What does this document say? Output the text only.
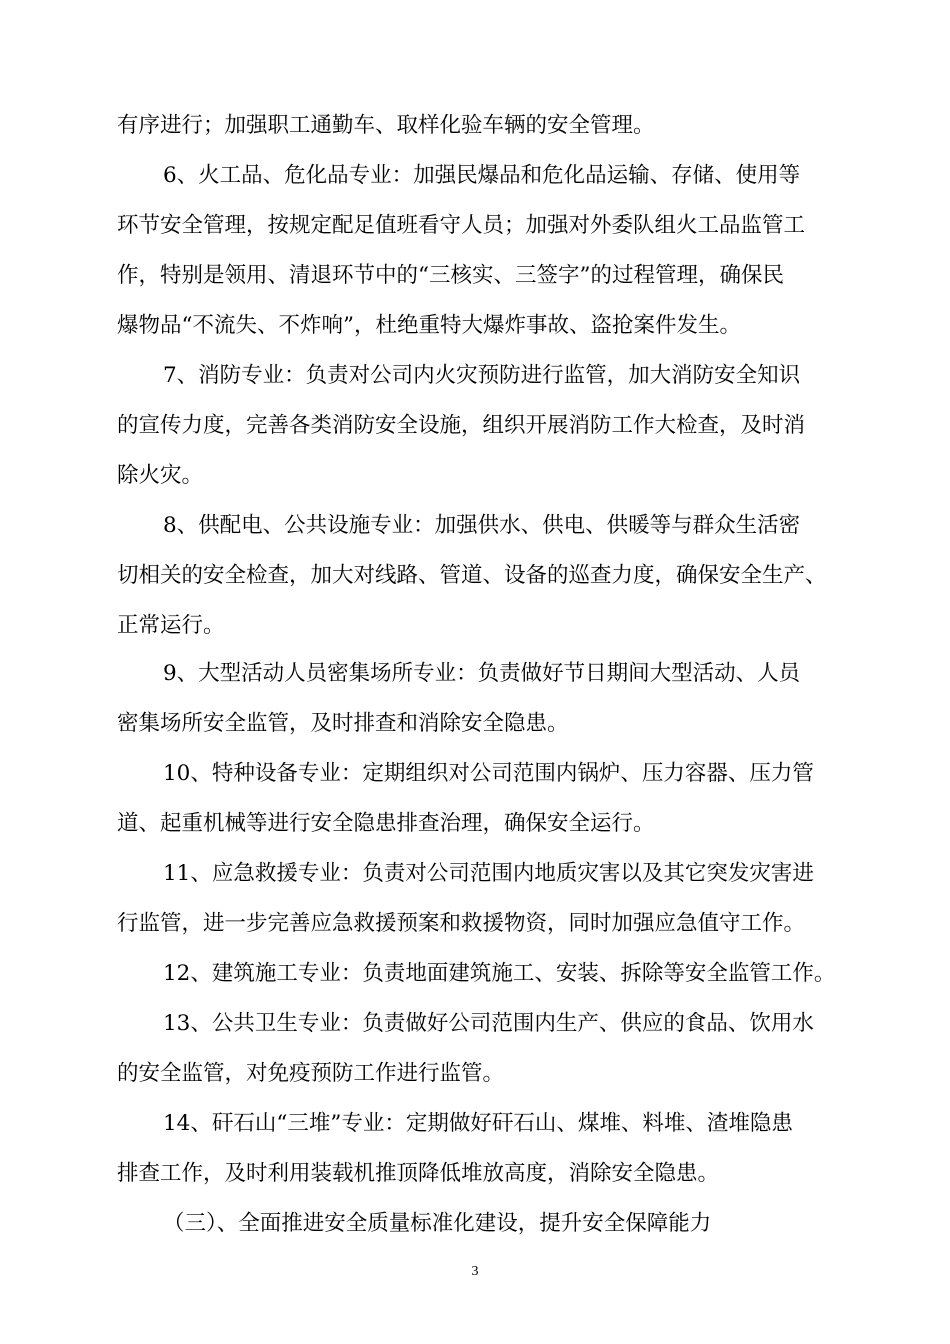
有序进行；加强职工通勤车、取样化验车辆的安全管理。

6、火工品、危化品专业：加强民爆品和危化品运输、存储、使用等

环节安全管理，按规定配足值班看守人员；加强对外委队组火工品监管工

作，特别是领用、清退环节中的“三核实、三签字”的过程管理，确保民

爆物品“不流失、不炸响”，杜绝重特大爆炸事故、盗抢案件发生。

7、消防专业：负责对公司内火灾预防进行监管，加大消防安全知识

的宣传力度，完善各类消防安全设施，组织开展消防工作大检查，及时消

除火灾。

8、供配电、公共设施专业：加强供水、供电、供暖等与群众生活密

切相关的安全检查，加大对线路、管道、设备的巡查力度，确保安全生产、

正常运行。

9、大型活动人员密集场所专业：负责做好节日期间大型活动、人员

密集场所安全监管，及时排查和消除安全隐患。

10、特种设备专业：定期组织对公司范围内锅炉、压力容器、压力管

道、起重机械等进行安全隐患排查治理，确保安全运行。

11、应急救援专业：负责对公司范围内地质灾害以及其它突发灾害进

行监管，进一步完善应急救援预案和救援物资，同时加强应急值守工作。

12、建筑施工专业：负责地面建筑施工、安装、拆除等安全监管工作。

13、公共卫生专业：负责做好公司范围内生产、供应的食品、饮用水

的安全监管，对免疫预防工作进行监管。

14、矸石山“三堆”专业：定期做好矸石山、煤堆、料堆、渣堆隐患

排查工作，及时利用装载机推顶降低堆放高度，消除安全隐患。

（三）、全面推进安全质量标准化建设，提升安全保障能力

3
